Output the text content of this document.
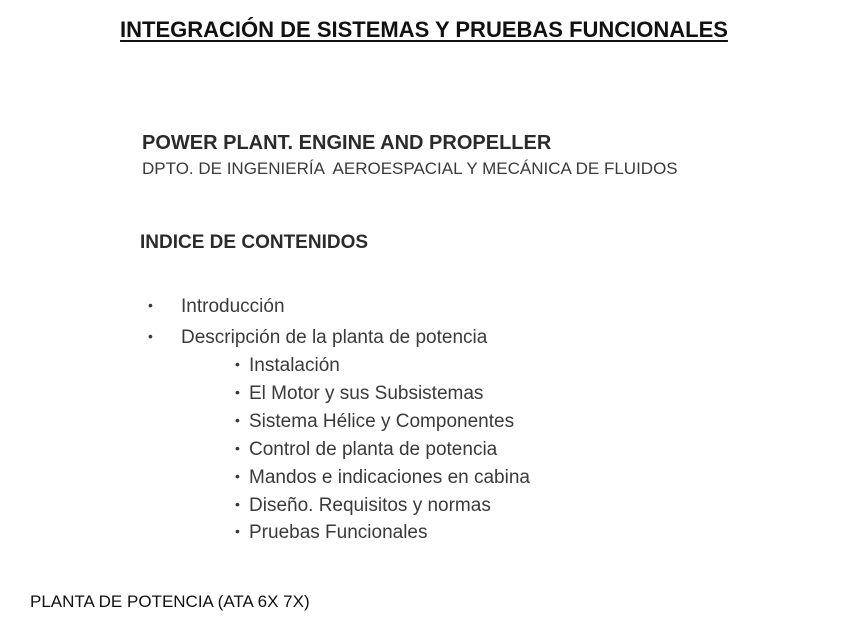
INTEGRACIÓN DE SISTEMAS Y PRUEBAS FUNCIONALES
POWER PLANT. ENGINE AND PROPELLER
DPTO. DE INGENIERÍA  AEROESPACIAL Y MECÁNICA DE FLUIDOS
INDICE DE CONTENIDOS
• Introducción
• Descripción de la planta de potencia
• Instalación
• El Motor y sus Subsistemas
• Sistema Hélice y Componentes
• Control de planta de potencia
• Mandos e indicaciones en cabina
• Diseño. Requisitos y normas
• Pruebas Funcionales
PLANTA DE POTENCIA (ATA 6X 7X)
